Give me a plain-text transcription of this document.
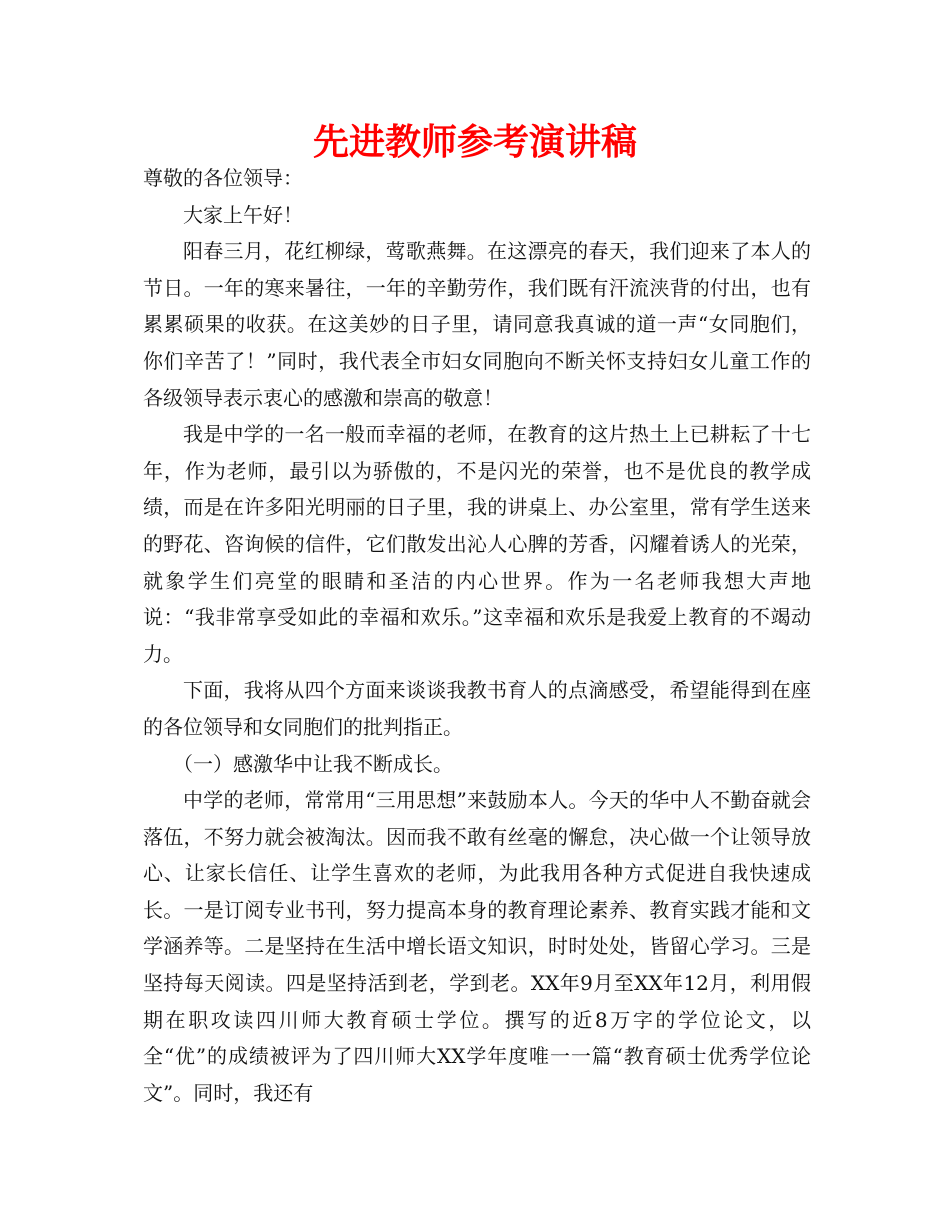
先进教师参考演讲稿

尊敬的各位领导：

大家上午好！

阳春三月，花红柳绿，莺歌燕舞。在这漂亮的春天，我们迎来了本人的节日。一年的寒来暑往，一年的辛勤劳作，我们既有汗流浃背的付出，也有累累硕果的收获。在这美妙的日子里，请同意我真诚的道一声“女同胞们，你们辛苦了！”同时，我代表全市妇女同胞向不断关怀支持妇女儿童工作的各级领导表示衷心的感激和崇高的敬意！

我是中学的一名一般而幸福的老师，在教育的这片热土上已耕耘了十七年，作为老师，最引以为骄傲的，不是闪光的荣誉，也不是优良的教学成绩，而是在许多阳光明丽的日子里，我的讲桌上、办公室里，常有学生送来的野花、咨询候的信件，它们散发出沁人心脾的芳香，闪耀着诱人的光荣，就象学生们亮堂的眼睛和圣洁的内心世界。作为一名老师我想大声地说：“我非常享受如此的幸福和欢乐。”这幸福和欢乐是我爱上教育的不竭动力。

下面，我将从四个方面来谈谈我教书育人的点滴感受，希望能得到在座的各位领导和女同胞们的批判指正。

（一）感激华中让我不断成长。

中学的老师，常常用“三用思想”来鼓励本人。今天的华中人不勤奋就会落伍，不努力就会被淘汰。因而我不敢有丝毫的懈怠，决心做一个让领导放心、让家长信任、让学生喜欢的老师，为此我用各种方式促进自我快速成长。一是订阅专业书刊，努力提高本身的教育理论素养、教育实践才能和文学涵养等。二是坚持在生活中增长语文知识，时时处处，皆留心学习。三是坚持每天阅读。四是坚持活到老，学到老。XX年9月至XX年12月，利用假期在职攻读四川师大教育硕士学位。撰写的近8万字的学位论文，以全“优”的成绩被评为了四川师大XX学年度唯一一篇“教育硕士优秀学位论文”。同时，我还有
